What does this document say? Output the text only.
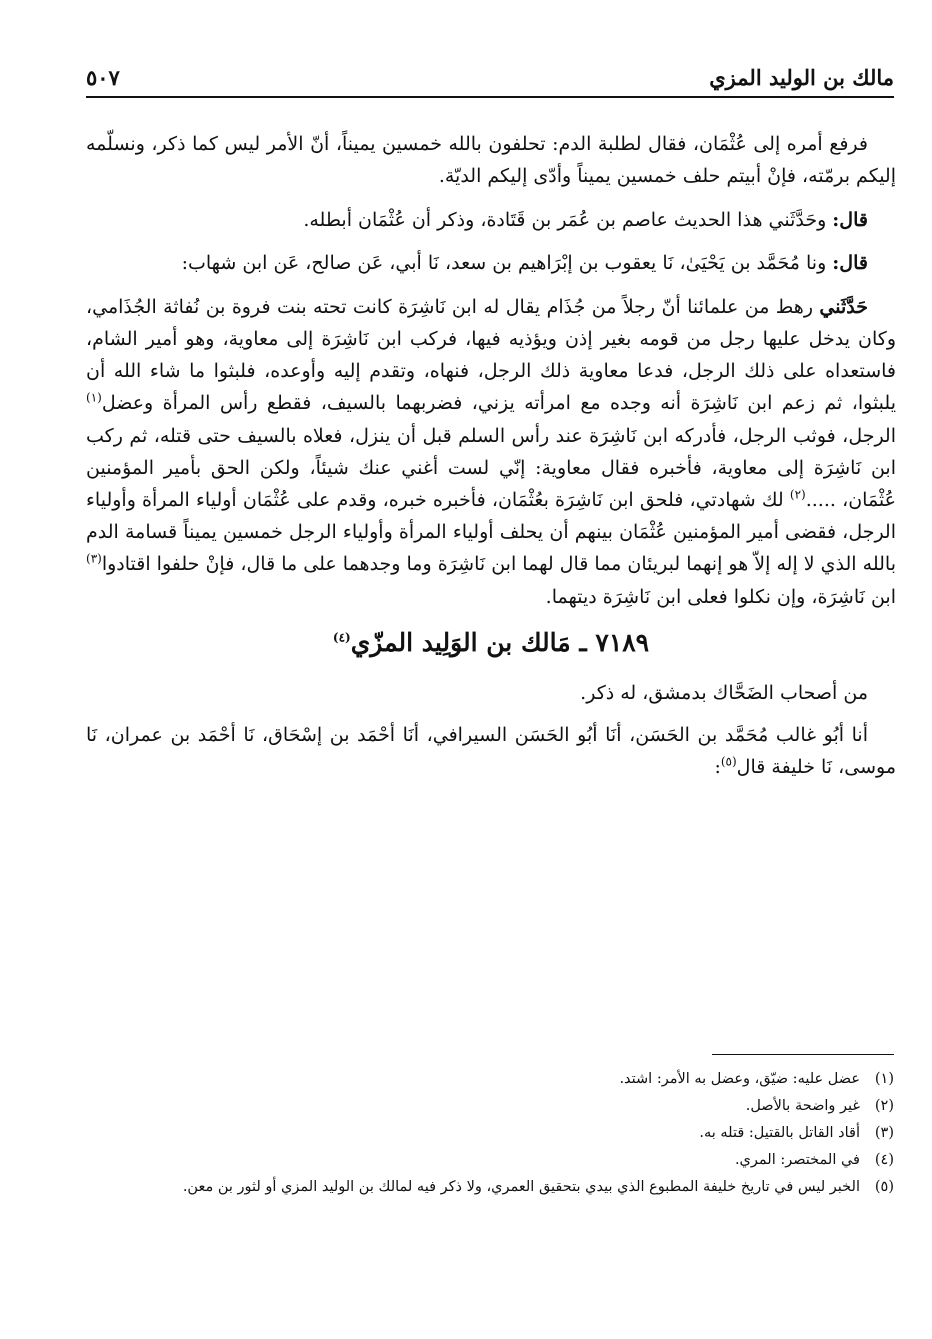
مالك بن الوليد المزي
٥٠٧

فرفع أمره إلى عُثْمَان، فقال لطلبة الدم: تحلفون بالله خمسين يميناً، أنّ الأمر ليس كما ذكر، ونسلّمه إليكم برمّته، فإنْ أبيتم حلف خمسين يميناً وأدّى إليكم الديّة.

قال: وحَدَّثَني هذا الحديث عاصم بن عُمَر بن قَتَادة، وذكر أن عُثْمَان أبطله.

قال: ونا مُحَمَّد بن يَحْيَىٰ، نَا يعقوب بن إبْرَاهيم بن سعد، نَا أبي، عَن صالح، عَن ابن شهاب:

حَدَّثَني رهط من علمائنا أنّ رجلاً من جُذَام يقال له ابن نَاشِرَة كانت تحته بنت فروة بن نُفاثة الجُذَامي، وكان يدخل عليها رجل من قومه بغير إذن ويؤذيه فيها، فركب ابن نَاشِرَة إلى معاوية، وهو أمير الشام، فاستعداه على ذلك الرجل، فدعا معاوية ذلك الرجل، فنهاه، وتقدم إليه وأوعده، فلبثوا ما شاء الله أن يلبثوا، ثم زعم ابن نَاشِرَة أنه وجده مع امرأته يزني، فضربهما بالسيف، فقطع رأس المرأة وعضل$^{(١)}$ الرجل، فوثب الرجل، فأدركه ابن نَاشِرَة عند رأس السلم قبل أن ينزل، فعلاه بالسيف حتى قتله، ثم ركب ابن نَاشِرَة إلى معاوية، فأخبره فقال معاوية: إنّي لست أغني عنك شيئاً، ولكن الحق بأمير المؤمنين عُثْمَان، .....$^{(٢)}$ لك شهادتي، فلحق ابن نَاشِرَة بعُثْمَان، فأخبره خبره، وقدم على عُثْمَان أولياء المرأة وأولياء الرجل، فقضى أمير المؤمنين عُثْمَان بينهم أن يحلف أولياء المرأة وأولياء الرجل خمسين يميناً قسامة الدم بالله الذي لا إله إلاّ هو إنهما لبريئان مما قال لهما ابن نَاشِرَة وما وجدهما على ما قال، فإنْ حلفوا اقتادوا$^{(٣)}$ ابن نَاشِرَة، وإن نكلوا فعلى ابن نَاشِرَة ديتهما.

٧١٨٩ ـ مَالك بن الوَلِيد المزّي$^{(٤)}$

من أصحاب الضَحَّاك بدمشق، له ذكر.

أنا أبُو غالب مُحَمَّد بن الحَسَن، أنَا أبُو الحَسَن السيرافي، أنَا أحْمَد بن إسْحَاق، نَا أحْمَد بن عمران، نَا موسى، نَا خليفة قال$^{(٥)}$:

(١)
عضل عليه: ضيّق، وعضل به الأمر: اشتد.
(٢)
غير واضحة بالأصل.
(٣)
أقاد القاتل بالقتيل: قتله به.
(٤)
في المختصر: المري.
(٥)
الخبر ليس في تاريخ خليفة المطبوع الذي بيدي بتحقيق العمري، ولا ذكر فيه لمالك بن الوليد المزي أو لثور بن معن.
